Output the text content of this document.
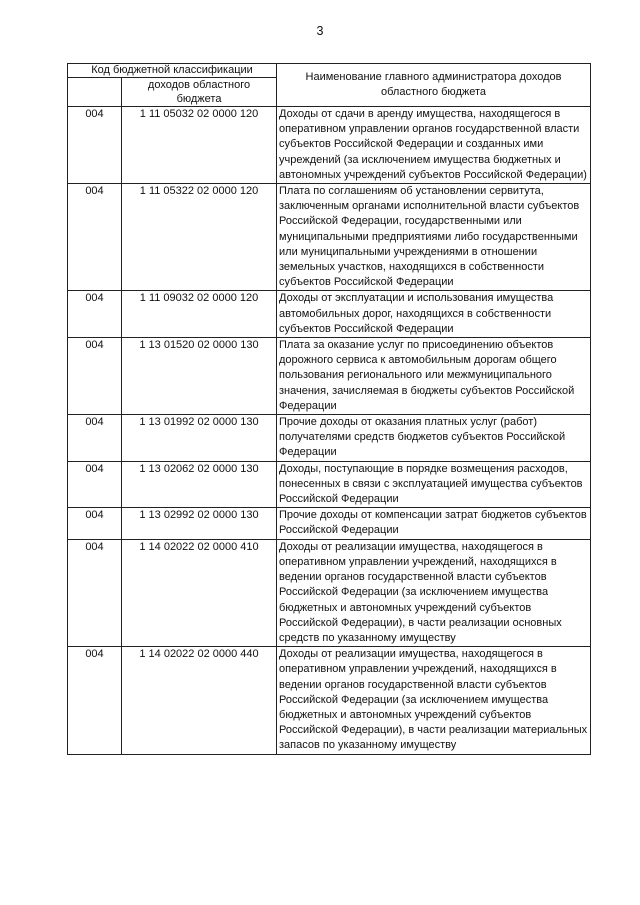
3
Код бюджетной классификации		Наименование главного администратора доходов областного бюджета
	доходов областного бюджета	
004	1 11 05032 02 0000 120	Доходы от сдачи в аренду имущества, находящегося в оперативном управлении органов государственной власти субъектов Российской Федерации и созданных ими учреждений (за исключением имущества бюджетных и автономных учреждений субъектов Российской Федерации)
004	1 11 05322 02 0000 120	Плата по соглашениям об установлении сервитута, заключенным органами исполнительной власти субъектов Российской Федерации, государственными или муниципальными предприятиями либо государственными или муниципальными учреждениями в отношении земельных участков, находящихся в собственности субъектов Российской Федерации
004	1 11 09032 02 0000 120	Доходы от эксплуатации и использования имущества автомобильных дорог, находящихся в собственности субъектов Российской Федерации
004	1 13 01520 02 0000 130	Плата за оказание услуг по присоединению объектов дорожного сервиса к автомобильным дорогам общего пользования регионального или межмуниципального значения, зачисляемая в бюджеты субъектов Российской Федерации
004	1 13 01992 02 0000 130	Прочие доходы от оказания платных услуг (работ) получателями средств бюджетов субъектов Российской Федерации
004	1 13 02062 02 0000 130	Доходы, поступающие в порядке возмещения расходов, понесенных в связи с эксплуатацией имущества субъектов Российской Федерации
004	1 13 02992 02 0000 130	Прочие доходы от компенсации затрат бюджетов субъектов Российской Федерации
004	1 14 02022 02 0000 410	Доходы от реализации имущества, находящегося в оперативном управлении учреждений, находящихся в ведении органов государственной власти субъектов Российской Федерации (за исключением имущества бюджетных и автономных учреждений субъектов Российской Федерации), в части реализации основных средств по указанному имуществу
004	1 14 02022 02 0000 440	Доходы от реализации имущества, находящегося в оперативном управлении учреждений, находящихся в ведении органов государственной власти субъектов Российской Федерации (за исключением имущества бюджетных и автономных учреждений субъектов Российской Федерации), в части реализации материальных запасов по указанному имуществу
